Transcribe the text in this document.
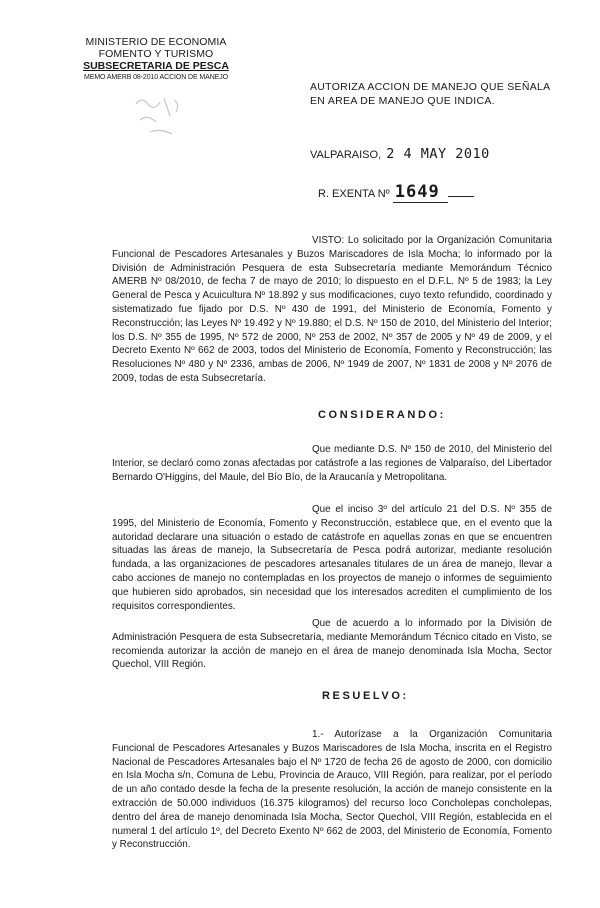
MINISTERIO DE ECONOMIA
FOMENTO Y TURISMO
SUBSECRETARIA DE PESCA
MEMO AMERB 08-2010 ACCION DE MANEJO
AUTORIZA ACCION DE MANEJO QUE SEÑALA
EN AREA DE MANEJO QUE INDICA.
VALPARAISO, 2 4 MAY 2010
R. EXENTA Nº 1649
VISTO: Lo solicitado por la Organización Comunitaria Funcional de Pescadores Artesanales y Buzos Mariscadores de Isla Mocha; lo informado por la División de Administración Pesquera de esta Subsecretaría mediante Memorándum Técnico AMERB Nº 08/2010, de fecha 7 de mayo de 2010; lo dispuesto en el D.F.L. Nº 5 de 1983; la Ley General de Pesca y Acuicultura Nº 18.892 y sus modificaciones, cuyo texto refundido, coordinado y sistematizado fue fijado por D.S. Nº 430 de 1991, del Ministerio de Economía, Fomento y Reconstrucción; las Leyes Nº 19.492 y Nº 19.880; el D.S. Nº 150 de 2010, del Ministerio del Interior; los D.S. Nº 355 de 1995, Nº 572 de 2000, Nº 253 de 2002, Nº 357 de 2005 y Nº 49 de 2009, y el Decreto Exento Nº 662 de 2003, todos del Ministerio de Economía, Fomento y Reconstrucción; las Resoluciones Nº 480 y Nº 2336, ambas de 2006, Nº 1949 de 2007, Nº 1831 de 2008 y Nº 2076 de 2009, todas de esta Subsecretaría.
CONSIDERANDO:
Que mediante D.S. Nº 150 de 2010, del Ministerio del Interior, se declaró como zonas afectadas por catástrofe a las regiones de Valparaíso, del Libertador Bernardo O'Higgins, del Maule, del Bío Bío, de la Araucanía y Metropolitana.
Que el inciso 3º del artículo 21 del D.S. Nº 355 de 1995, del Ministerio de Economía, Fomento y Reconstrucción, establece que, en el evento que la autoridad declarare una situación o estado de catástrofe en aquellas zonas en que se encuentren situadas las áreas de manejo, la Subsecretaría de Pesca podrá autorizar, mediante resolución fundada, a las organizaciones de pescadores artesanales titulares de un área de manejo, llevar a cabo acciones de manejo no contempladas en los proyectos de manejo o informes de seguimiento que hubieren sido aprobados, sin necesidad que los interesados acrediten el cumplimiento de los requisitos correspondientes.
Que de acuerdo a lo informado por la División de Administración Pesquera de esta Subsecretaría, mediante Memorándum Técnico citado en Visto, se recomienda autorizar la acción de manejo en el área de manejo denominada Isla Mocha, Sector Quechol, VIII Región.
RESUELVO:
1.- Autorízase a la Organización Comunitaria Funcional de Pescadores Artesanales y Buzos Mariscadores de Isla Mocha, inscrita en el Registro Nacional de Pescadores Artesanales bajo el Nº 1720 de fecha 26 de agosto de 2000, con domicilio en Isla Mocha s/n, Comuna de Lebu, Provincia de Arauco, VIII Región, para realizar, por el período de un año contado desde la fecha de la presente resolución, la acción de manejo consistente en la extracción de 50.000 individuos (16.375 kilogramos) del recurso loco Concholepas concholepas, dentro del área de manejo denominada Isla Mocha, Sector Quechol, VIII Región, establecida en el numeral 1 del artículo 1º, del Decreto Exento Nº 662 de 2003, del Ministerio de Economía, Fomento y Reconstrucción.
